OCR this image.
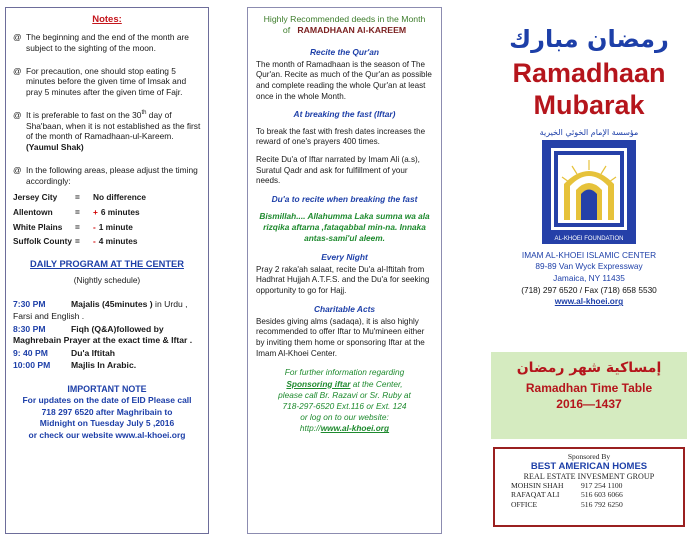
Notes:
@ The beginning and the end of the month are subject to the sighting of the moon.
@ For precaution, one should stop eating 5 minutes before the given time of Imsak and pray 5 minutes after the given time of Fajr.
@ It is preferable to fast on the 30th day of Sha'baan, when it is not established as the first of the month of Ramadhaan-ul-Kareem. (Yaumul Shak)
@ In the following areas, please adjust the timing accordingly:
Jersey City	=	No difference
Allentown	=	+ 6 minutes
White Plains	=	- 1 minute
Suffolk County =	- 4 minutes
DAILY PROGRAM AT THE CENTER
(Nightly schedule)
7:30 PM	Majalis (45minutes ) in Urdu , Farsi and English .
8:30 PM	Fiqh (Q&A)followed by Maghrebain Prayer at the exact time & Iftar .
9: 40 PM	Du'a Iftitah
10:00 PM Majlis In Arabic.
IMPORTANT NOTE
For updates on the date of EID Please call
718 297 6520 after Maghribain to
Midnight on Tuesday July 5 ,2016
or check our website www.al-khoei.org
Highly Recommended deeds in the Month
of RAMADHAAN Al-KAREEM
Recite the Qur'an
The month of Ramadhaan is the season of The Qur'an. Recite as much of the Qur'an as possible and complete reading the whole Qur'an at least once in the whole Month.
At breaking the fast (Iftar)
To break the fast with fresh dates increases the reward of one's prayers 400 times.
Recite Du'a of Iftar narrated by Imam Ali (a.s), Suratul Qadr and ask for fulfillment of your needs.
Du'a to recite when breaking the fast
Bismillah.... Allahumma Laka sumna wa ala rizqika aftarna ,fataqabbal min-na. Innaka antas-sami'ul aleem.
Every Night
Pray 2 raka'ah salaat, recite Du'a al-Iftitah from Hadhrat Hujjah A.T.F.S. and the Du'a for seeking opportunity to go for Hajj.
Charitable Acts
Besides giving alms (sadaqa), it is also highly recommended to offer Iftar to Mu'mineen either by inviting them home or sponsoring Iftar at the Imam Al-Khoei Center.
For further information regarding
Sponsoring iftar at the Center,
please call Br. Razavi or Sr. Ruby at
718-297-6520 Ext.116 or Ext. 124
or log on to our website:
http://www.al-khoei.org
رمضان مبارك
Ramadhaan
Mubarak
مؤسسة الإمام الخوئي الخيرية
AL-KHOEI FOUNDATION
IMAM AL-KHOEI ISLAMIC CENTER
89-89 Van Wyck Expressway
Jamaica, NY 11435
(718) 297 6520 / Fax (718) 658 5530
www.al-khoei.org
إمساكية شهر رمضان
Ramadhan Time Table
2016—1437
Sponsored By
BEST AMERICAN HOMES
REAL ESTATE INVESMENT GROUP
MOHSIN SHAH	917 254 1100
RAFAQAT ALI	516 603 6066
OFFICE	516 792 6250
